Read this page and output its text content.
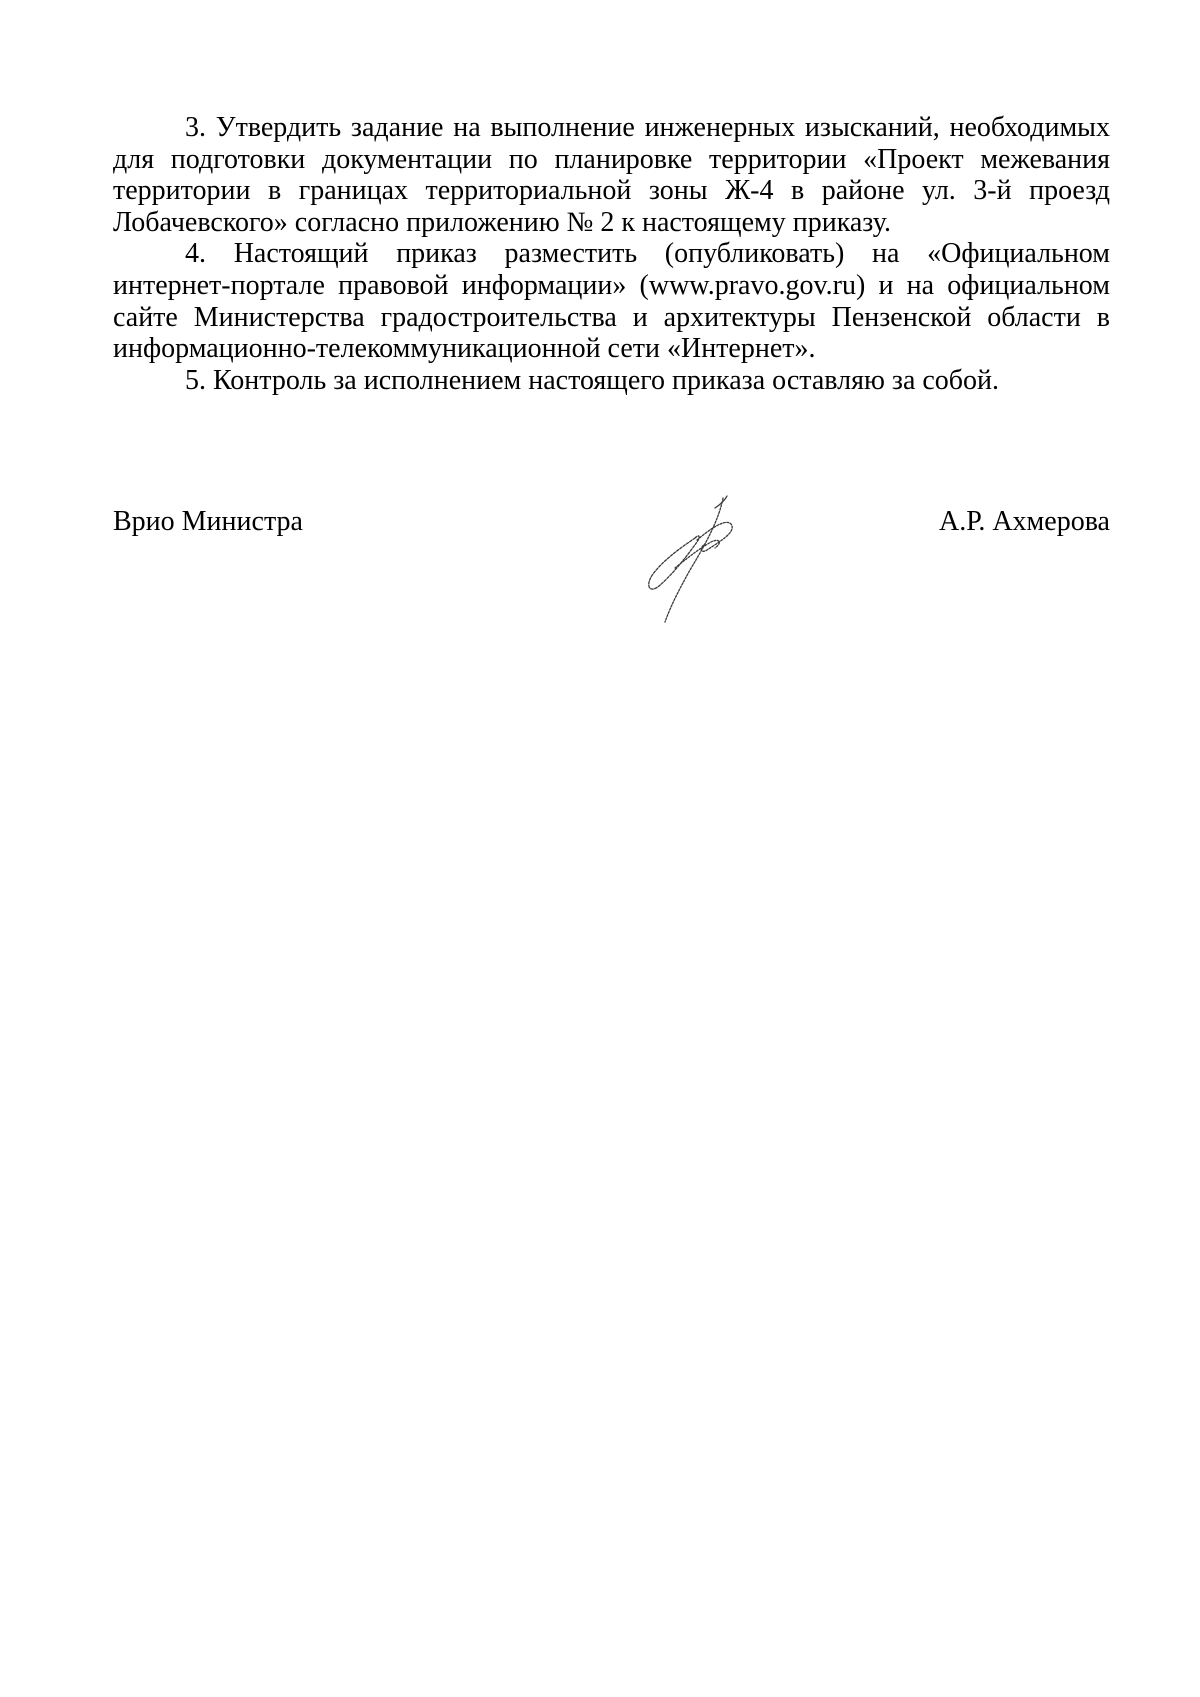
3. Утвердить задание на выполнение инженерных изысканий, необходимых для подготовки документации по планировке территории «Проект межевания территории в границах территориальной зоны Ж-4 в районе ул. 3-й проезд Лобачевского» согласно приложению № 2 к настоящему приказу.

4. Настоящий приказ разместить (опубликовать) на «Официальном интернет-портале правовой информации» (www.pravo.gov.ru) и на официальном сайте Министерства градостроительства и архитектуры Пензенской области в информационно-телекоммуникационной сети «Интернет».

5. Контроль за исполнением настоящего приказа оставляю за собой.

Врио Министра	А.Р. Ахмерова
